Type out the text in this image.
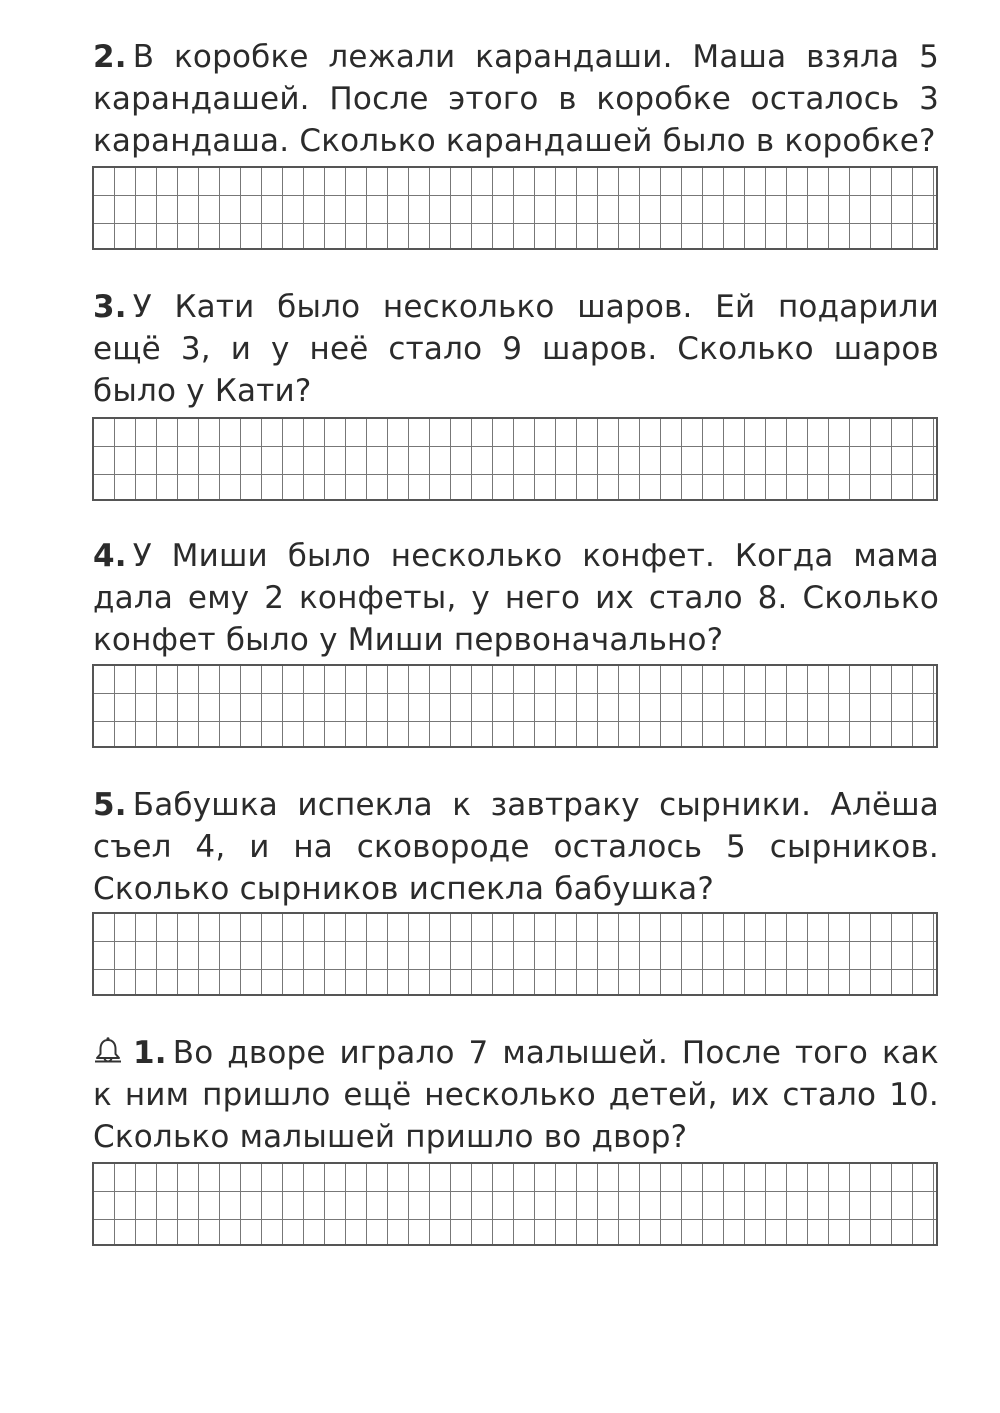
2. В коробке лежали карандаши. Маша взяла 5 карандашей. После этого в коробке осталось 3 карандаша. Сколько карандашей было в коробке?

3. У Кати было несколько шаров. Ей подарили ещё 3, и у неё стало 9 шаров. Сколько шаров было у Кати?

4. У Миши было несколько конфет. Когда мама дала ему 2 конфеты, у него их стало 8. Сколько конфет было у Миши первоначально?

5. Бабушка испекла к завтраку сырники. Алёша съел 4, и на сковороде осталось 5 сырников. Сколько сырников испекла бабушка?

1. Во дворе играло 7 малышей. После того как к ним пришло ещё несколько детей, их стало 10. Сколько малышей пришло во двор?
